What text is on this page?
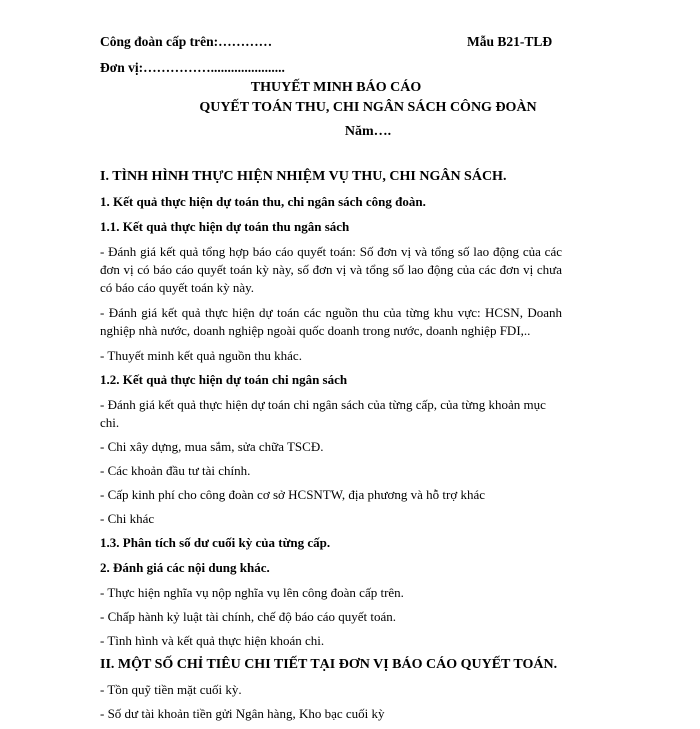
Công đoàn cấp trên:…………	Mẫu B21-TLĐ
Đơn vị:……………......................
THUYẾT MINH BÁO CÁO
QUYẾT TOÁN THU, CHI NGÂN SÁCH CÔNG ĐOÀN
Năm….

I. TÌNH HÌNH THỰC HIỆN NHIỆM VỤ THU, CHI NGÂN SÁCH.

1. Kết quả thực hiện dự toán thu, chi ngân sách công đoàn.

1.1. Kết quả thực hiện dự toán thu ngân sách

- Đánh giá kết quả tổng hợp báo cáo quyết toán: Số đơn vị và tổng số lao động của các đơn vị có báo cáo quyết toán kỳ này, số đơn vị và tổng số lao động của các đơn vị chưa có báo cáo quyết toán kỳ này.

- Đánh giá kết quả thực hiện dự toán các nguồn thu của từng khu vực: HCSN, Doanh nghiệp nhà nước, doanh nghiệp ngoài quốc doanh trong nước, doanh nghiệp FDI,..

- Thuyết minh kết quả nguồn thu khác.

1.2. Kết quả thực hiện dự toán chi ngân sách

- Đánh giá kết quả thực hiện dự toán chi ngân sách của từng cấp, của từng khoản mục chi.

- Chi xây dựng, mua sắm, sửa chữa TSCĐ.

- Các khoản đầu tư tài chính.

- Cấp kinh phí cho công đoàn cơ sở HCSNTW, địa phương và hỗ trợ khác

- Chi khác

1.3. Phân tích số dư cuối kỳ của từng cấp.

2. Đánh giá các nội dung khác.

- Thực hiện nghĩa vụ nộp nghĩa vụ lên công đoàn cấp trên.

- Chấp hành kỷ luật tài chính, chế độ báo cáo quyết toán.

- Tình hình và kết quả thực hiện khoán chi.

II. MỘT SỐ CHỈ TIÊU CHI TIẾT TẠI ĐƠN VỊ BÁO CÁO QUYẾT TOÁN.

- Tồn quỹ tiền mặt cuối kỳ.

- Số dư tài khoản tiền gửi Ngân hàng, Kho bạc cuối kỳ
